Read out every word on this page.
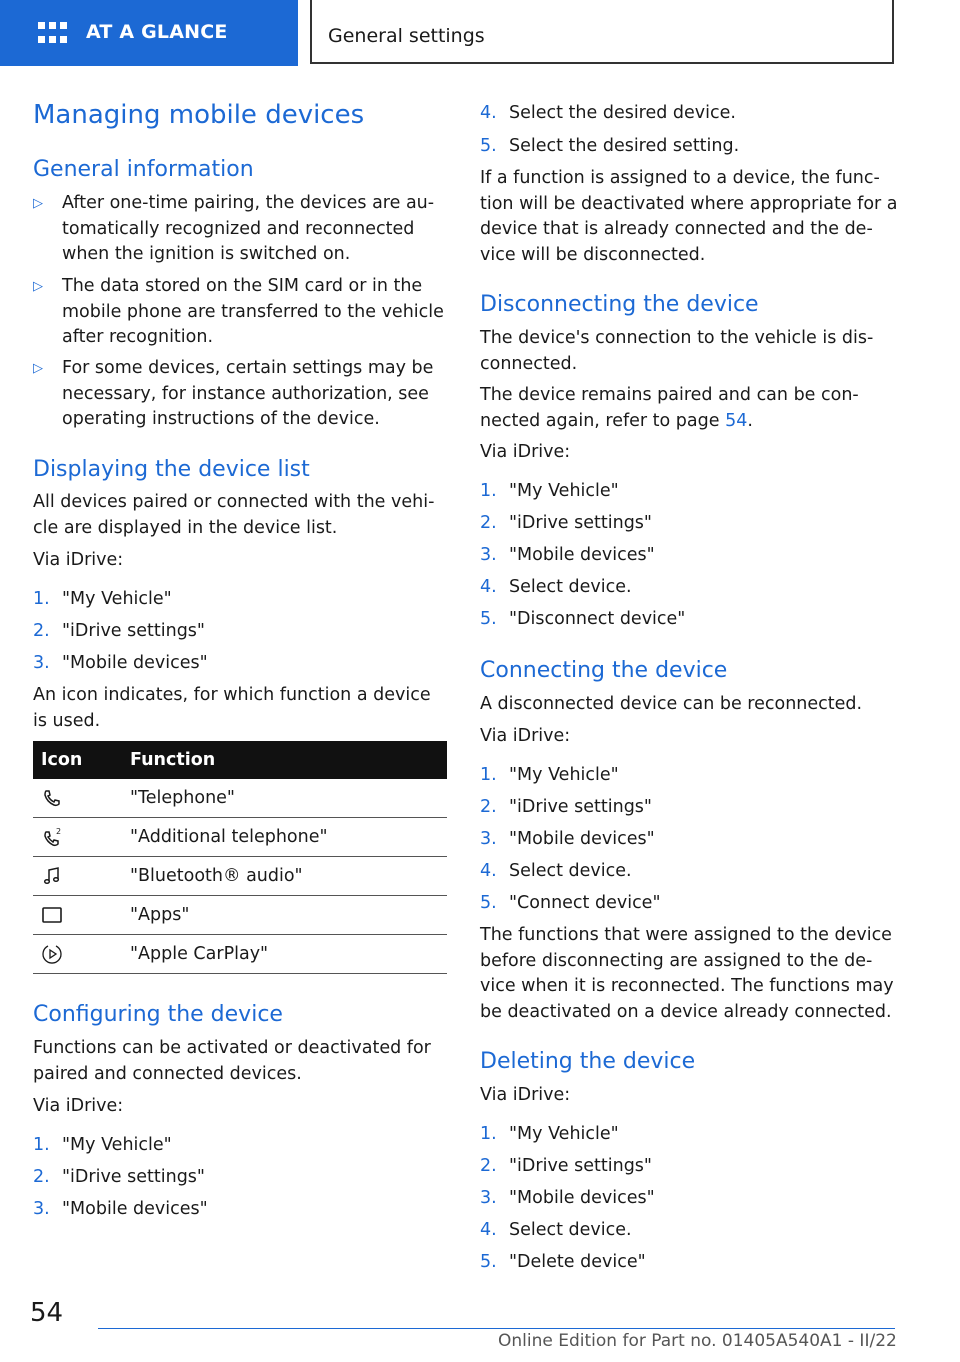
AT A GLANCE	General settings
Managing mobile devices
General information
▷ After one-time pairing, the devices are automatically recognized and reconnected when the ignition is switched on.
▷ The data stored on the SIM card or in the mobile phone are transferred to the vehicle after recognition.
▷ For some devices, certain settings may be necessary, for instance authorization, see operating instructions of the device.
Displaying the device list
All devices paired or connected with the vehicle are displayed in the device list.
Via iDrive:
1. "My Vehicle"
2. "iDrive settings"
3. "Mobile devices"
An icon indicates, for which function a device is used.
Icon	Function

	"Telephone"

2	"Additional telephone"

	"Bluetooth® audio"

	"Apps"

	"Apple CarPlay"
Configuring the device
Functions can be activated or deactivated for paired and connected devices.
Via iDrive:
1. "My Vehicle"
2. "iDrive settings"
3. "Mobile devices"
4. Select the desired device.
5. Select the desired setting.
If a function is assigned to a device, the function will be deactivated where appropriate for a device that is already connected and the device will be disconnected.
Disconnecting the device
The device's connection to the vehicle is disconnected.
The device remains paired and can be connected again, refer to page 54.
Via iDrive:
1. "My Vehicle"
2. "iDrive settings"
3. "Mobile devices"
4. Select device.
5. "Disconnect device"
Connecting the device
A disconnected device can be reconnected.
Via iDrive:
1. "My Vehicle"
2. "iDrive settings"
3. "Mobile devices"
4. Select device.
5. "Connect device"
The functions that were assigned to the device before disconnecting are assigned to the device when it is reconnected. The functions may be deactivated on a device already connected.
Deleting the device
Via iDrive:
1. "My Vehicle"
2. "iDrive settings"
3. "Mobile devices"
4. Select device.
5. "Delete device"
54
Online Edition for Part no. 01405A540A1 - II/22
